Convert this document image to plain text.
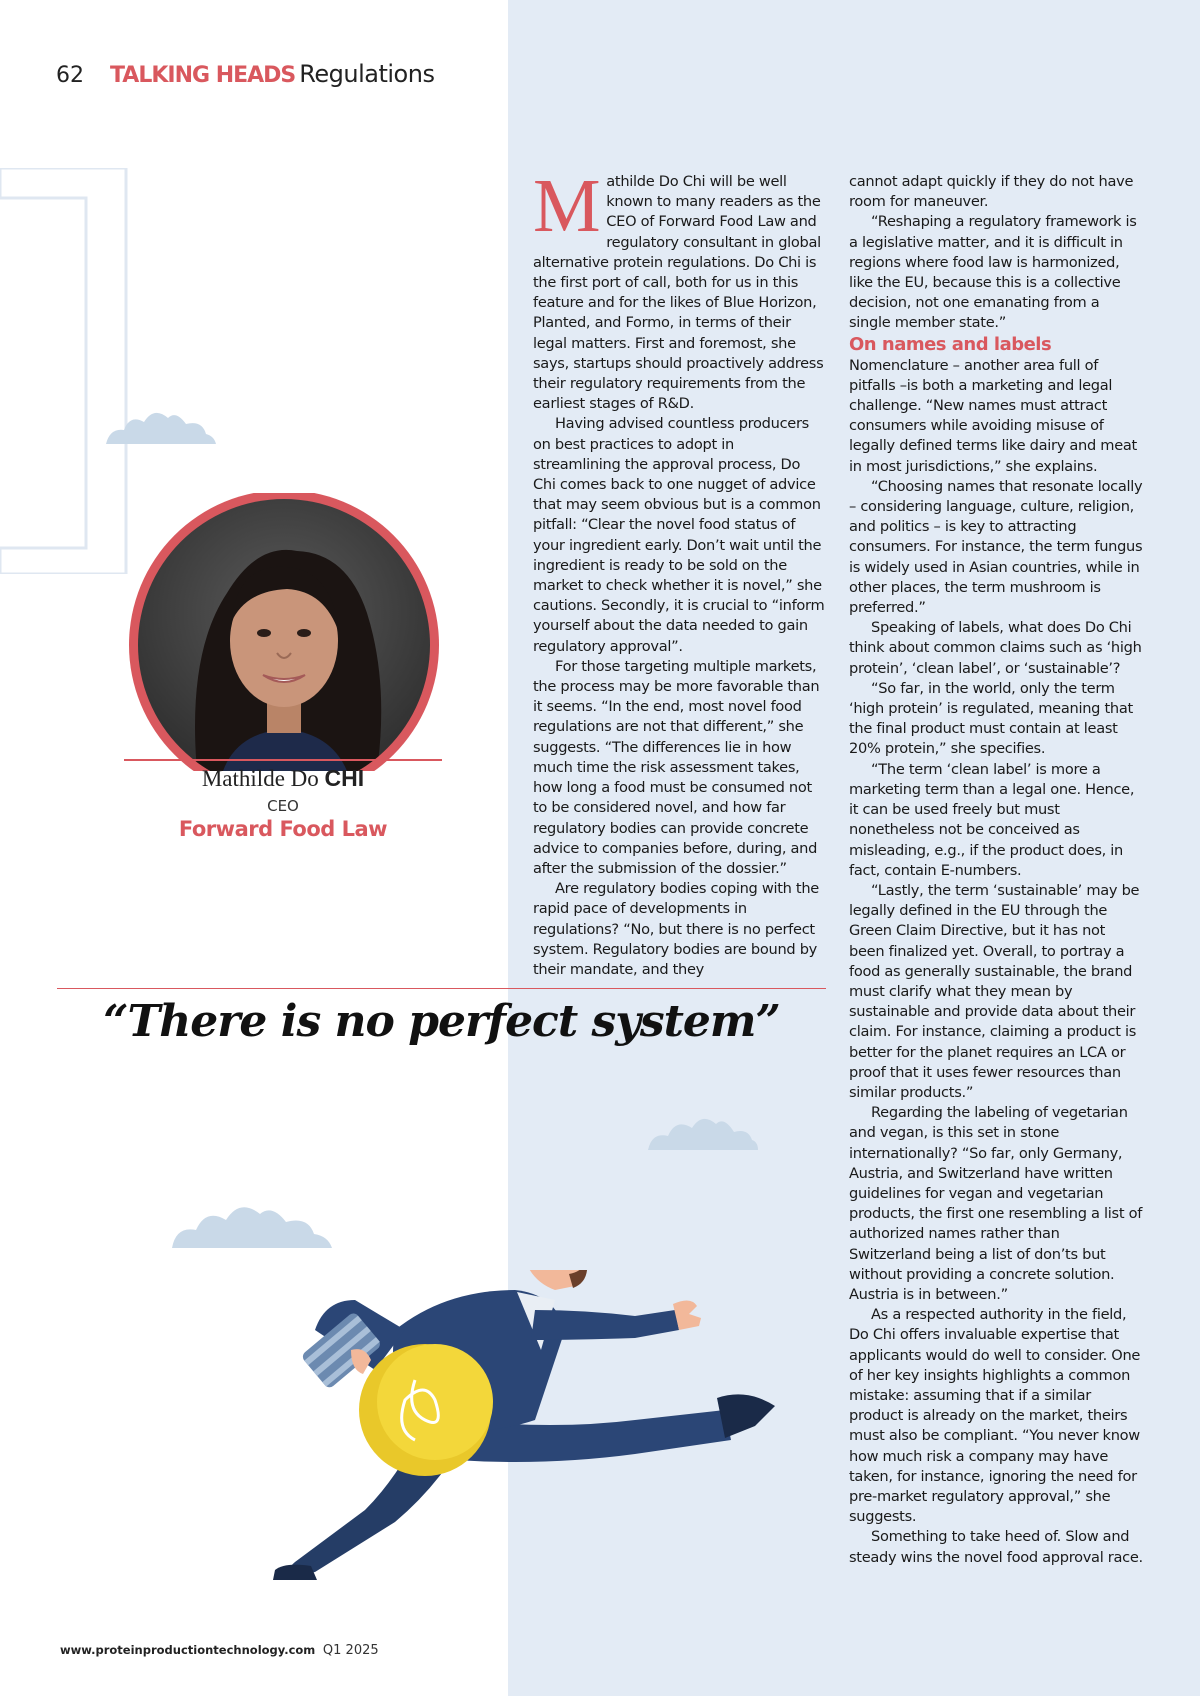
62 TALKING HEADS Regulations
Mathilde Do CHI
CEO
Forward Food Law

Mathilde Do Chi will be well known to many readers as the CEO of Forward Food Law and regulatory consultant in global alternative protein regulations. Do Chi is the first port of call, both for us in this feature and for the likes of Blue Horizon, Planted, and Formo, in terms of their legal matters. First and foremost, she says, startups should proactively address their regulatory requirements from the earliest stages of R&D.

Having advised countless producers on best practices to adopt in streamlining the approval process, Do Chi comes back to one nugget of advice that may seem obvious but is a common pitfall: “Clear the novel food status of your ingredient early. Don’t wait until the ingredient is ready to be sold on the market to check whether it is novel,” she cautions. Secondly, it is crucial to “inform yourself about the data needed to gain regulatory approval”.

For those targeting multiple markets, the process may be more favorable than it seems. “In the end, most novel food regulations are not that different,” she suggests. “The differences lie in how much time the risk assessment takes, how long a food must be consumed not to be considered novel, and how far regulatory bodies can provide concrete advice to companies before, during, and after the submission of the dossier.”

Are regulatory bodies coping with the rapid pace of developments in regulations? “No, but there is no perfect system. Regulatory bodies are bound by their mandate, and they

cannot adapt quickly if they do not have room for maneuver.

“Reshaping a regulatory framework is a legislative matter, and it is difficult in regions where food law is harmonized, like the EU, because this is a collective decision, not one emanating from a single member state.”

On names and labels

Nomenclature – another area full of pitfalls –is both a marketing and legal challenge. “New names must attract consumers while avoiding misuse of legally defined terms like dairy and meat in most jurisdictions,” she explains.

“Choosing names that resonate locally – considering language, culture, religion, and politics – is key to attracting consumers. For instance, the term fungus is widely used in Asian countries, while in other places, the term mushroom is preferred.”

Speaking of labels, what does Do Chi think about common claims such as ‘high protein’, ‘clean label’, or ‘sustainable’?

“So far, in the world, only the term ‘high protein’ is regulated, meaning that the final product must contain at least 20% protein,” she specifies.

“The term ‘clean label’ is more a marketing term than a legal one. Hence, it can be used freely but must nonetheless not be conceived as misleading, e.g., if the product does, in fact, contain E-numbers.

“Lastly, the term ‘sustainable’ may be legally defined in the EU through the Green Claim Directive, but it has not been finalized yet. Overall, to portray a food as generally sustainable, the brand must clarify what they mean by sustainable and provide data about their claim. For instance, claiming a product is better for the planet requires an LCA or proof that it uses fewer resources than similar products.”

Regarding the labeling of vegetarian and vegan, is this set in stone internationally? “So far, only Germany, Austria, and Switzerland have written guidelines for vegan and vegetarian products, the first one resembling a list of authorized names rather than Switzerland being a list of don’ts but without providing a concrete solution. Austria is in between.”

As a respected authority in the field, Do Chi offers invaluable expertise that applicants would do well to consider. One of her key insights highlights a common mistake: assuming that if a similar product is already on the market, theirs must also be compliant. “You never know how much risk a company may have taken, for instance, ignoring the need for pre-market regulatory approval,” she suggests.

Something to take heed of. Slow and steady wins the novel food approval race.

“There is no perfect system”
www.proteinproductiontechnology.com Q1 2025
